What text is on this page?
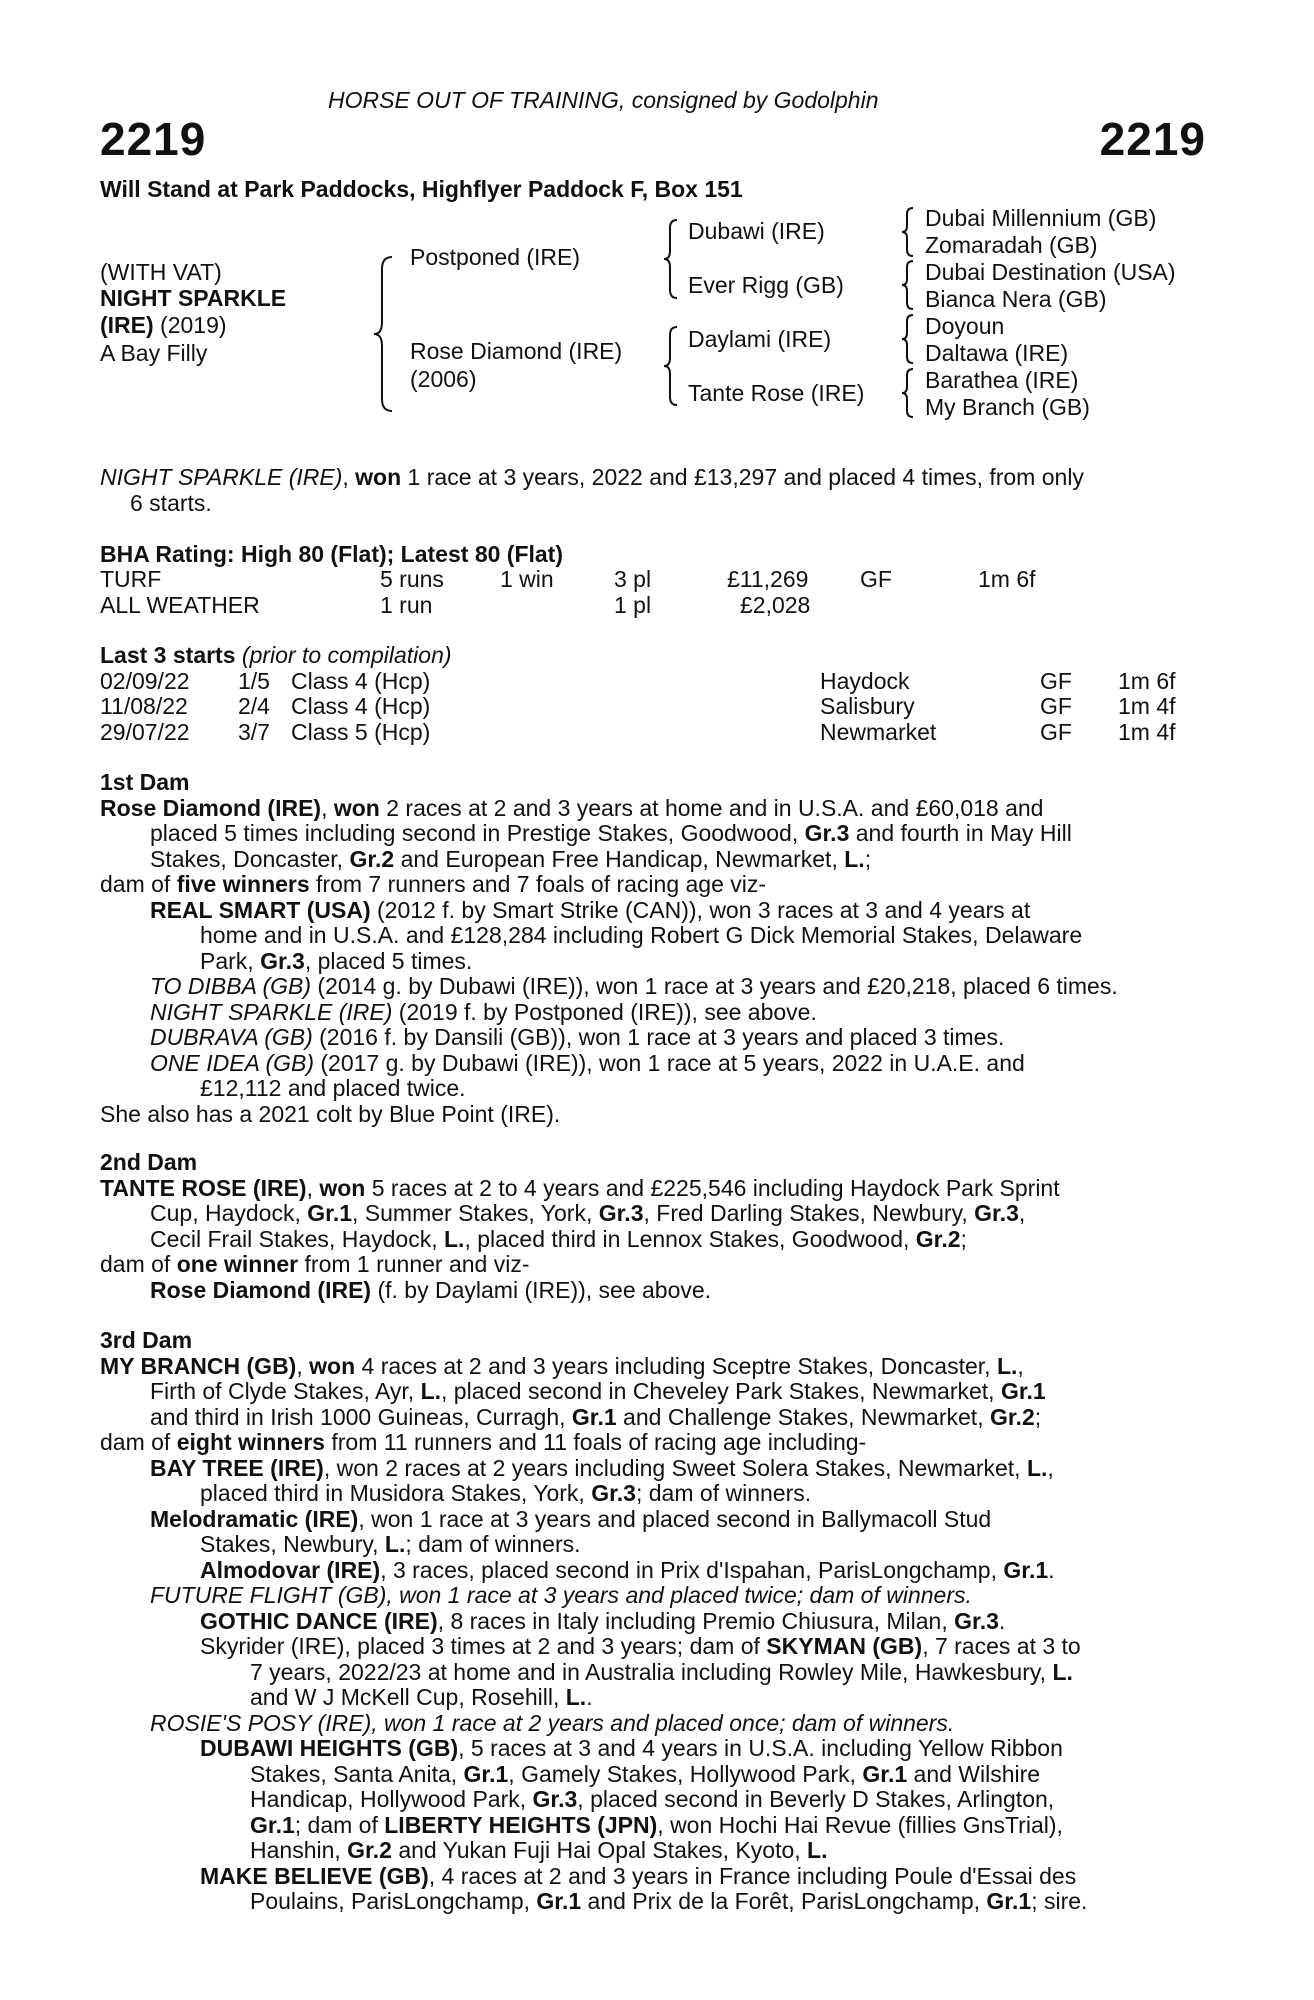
HORSE OUT OF TRAINING, consigned by Godolphin
2219	2219
Will Stand at Park Paddocks, Highflyer Paddock F, Box 151
(WITH VAT)
NIGHT SPARKLE
(IRE) (2019)
A Bay Filly
Postponed (IRE)
Rose Diamond (IRE)
(2006)
Dubawi (IRE)
Ever Rigg (GB)
Daylami (IRE)
Tante Rose (IRE)
Dubai Millennium (GB)
Zomaradah (GB)
Dubai Destination (USA)
Bianca Nera (GB)
Doyoun
Daltawa (IRE)
Barathea (IRE)
My Branch (GB)
NIGHT SPARKLE (IRE), won 1 race at 3 years, 2022 and £13,297 and placed 4 times, from only
6 starts.
BHA Rating: High 80 (Flat); Latest 80 (Flat)
TURF	5 runs 1 win	3 pl	£11,269 GF	1m 6f
ALL WEATHER	1 run	1 pl	£2,028
Last 3 starts (prior to compilation)
02/09/22 1/5 Class 4 (Hcp)	Haydock	GF 1m 6f
11/08/22 2/4 Class 4 (Hcp)	Salisbury	GF 1m 4f
29/07/22 3/7 Class 5 (Hcp)	Newmarket	GF 1m 4f
1st Dam
Rose Diamond (IRE), won 2 races at 2 and 3 years at home and in U.S.A. and £60,018 and
placed 5 times including second in Prestige Stakes, Goodwood, Gr.3 and fourth in May Hill
Stakes, Doncaster, Gr.2 and European Free Handicap, Newmarket, L.;
dam of five winners from 7 runners and 7 foals of racing age viz-
REAL SMART (USA) (2012 f. by Smart Strike (CAN)), won 3 races at 3 and 4 years at
home and in U.S.A. and £128,284 including Robert G Dick Memorial Stakes, Delaware
Park, Gr.3, placed 5 times.
TO DIBBA (GB) (2014 g. by Dubawi (IRE)), won 1 race at 3 years and £20,218, placed 6 times.
NIGHT SPARKLE (IRE) (2019 f. by Postponed (IRE)), see above.
DUBRAVA (GB) (2016 f. by Dansili (GB)), won 1 race at 3 years and placed 3 times.
ONE IDEA (GB) (2017 g. by Dubawi (IRE)), won 1 race at 5 years, 2022 in U.A.E. and
£12,112 and placed twice.
She also has a 2021 colt by Blue Point (IRE).
2nd Dam
TANTE ROSE (IRE), won 5 races at 2 to 4 years and £225,546 including Haydock Park Sprint
Cup, Haydock, Gr.1, Summer Stakes, York, Gr.3, Fred Darling Stakes, Newbury, Gr.3,
Cecil Frail Stakes, Haydock, L., placed third in Lennox Stakes, Goodwood, Gr.2;
dam of one winner from 1 runner and viz-
Rose Diamond (IRE) (f. by Daylami (IRE)), see above.
3rd Dam
MY BRANCH (GB), won 4 races at 2 and 3 years including Sceptre Stakes, Doncaster, L.,
Firth of Clyde Stakes, Ayr, L., placed second in Cheveley Park Stakes, Newmarket, Gr.1
and third in Irish 1000 Guineas, Curragh, Gr.1 and Challenge Stakes, Newmarket, Gr.2;
dam of eight winners from 11 runners and 11 foals of racing age including-
BAY TREE (IRE), won 2 races at 2 years including Sweet Solera Stakes, Newmarket, L.,
placed third in Musidora Stakes, York, Gr.3; dam of winners.
Melodramatic (IRE), won 1 race at 3 years and placed second in Ballymacoll Stud
Stakes, Newbury, L.; dam of winners.
Almodovar (IRE), 3 races, placed second in Prix d'Ispahan, ParisLongchamp, Gr.1.
FUTURE FLIGHT (GB), won 1 race at 3 years and placed twice; dam of winners.
GOTHIC DANCE (IRE), 8 races in Italy including Premio Chiusura, Milan, Gr.3.
Skyrider (IRE), placed 3 times at 2 and 3 years; dam of SKYMAN (GB), 7 races at 3 to
7 years, 2022/23 at home and in Australia including Rowley Mile, Hawkesbury, L.
and W J McKell Cup, Rosehill, L..
ROSIE'S POSY (IRE), won 1 race at 2 years and placed once; dam of winners.
DUBAWI HEIGHTS (GB), 5 races at 3 and 4 years in U.S.A. including Yellow Ribbon
Stakes, Santa Anita, Gr.1, Gamely Stakes, Hollywood Park, Gr.1 and Wilshire
Handicap, Hollywood Park, Gr.3, placed second in Beverly D Stakes, Arlington,
Gr.1; dam of LIBERTY HEIGHTS (JPN), won Hochi Hai Revue (fillies GnsTrial),
Hanshin, Gr.2 and Yukan Fuji Hai Opal Stakes, Kyoto, L.
MAKE BELIEVE (GB), 4 races at 2 and 3 years in France including Poule d'Essai des
Poulains, ParisLongchamp, Gr.1 and Prix de la Forêt, ParisLongchamp, Gr.1; sire.
